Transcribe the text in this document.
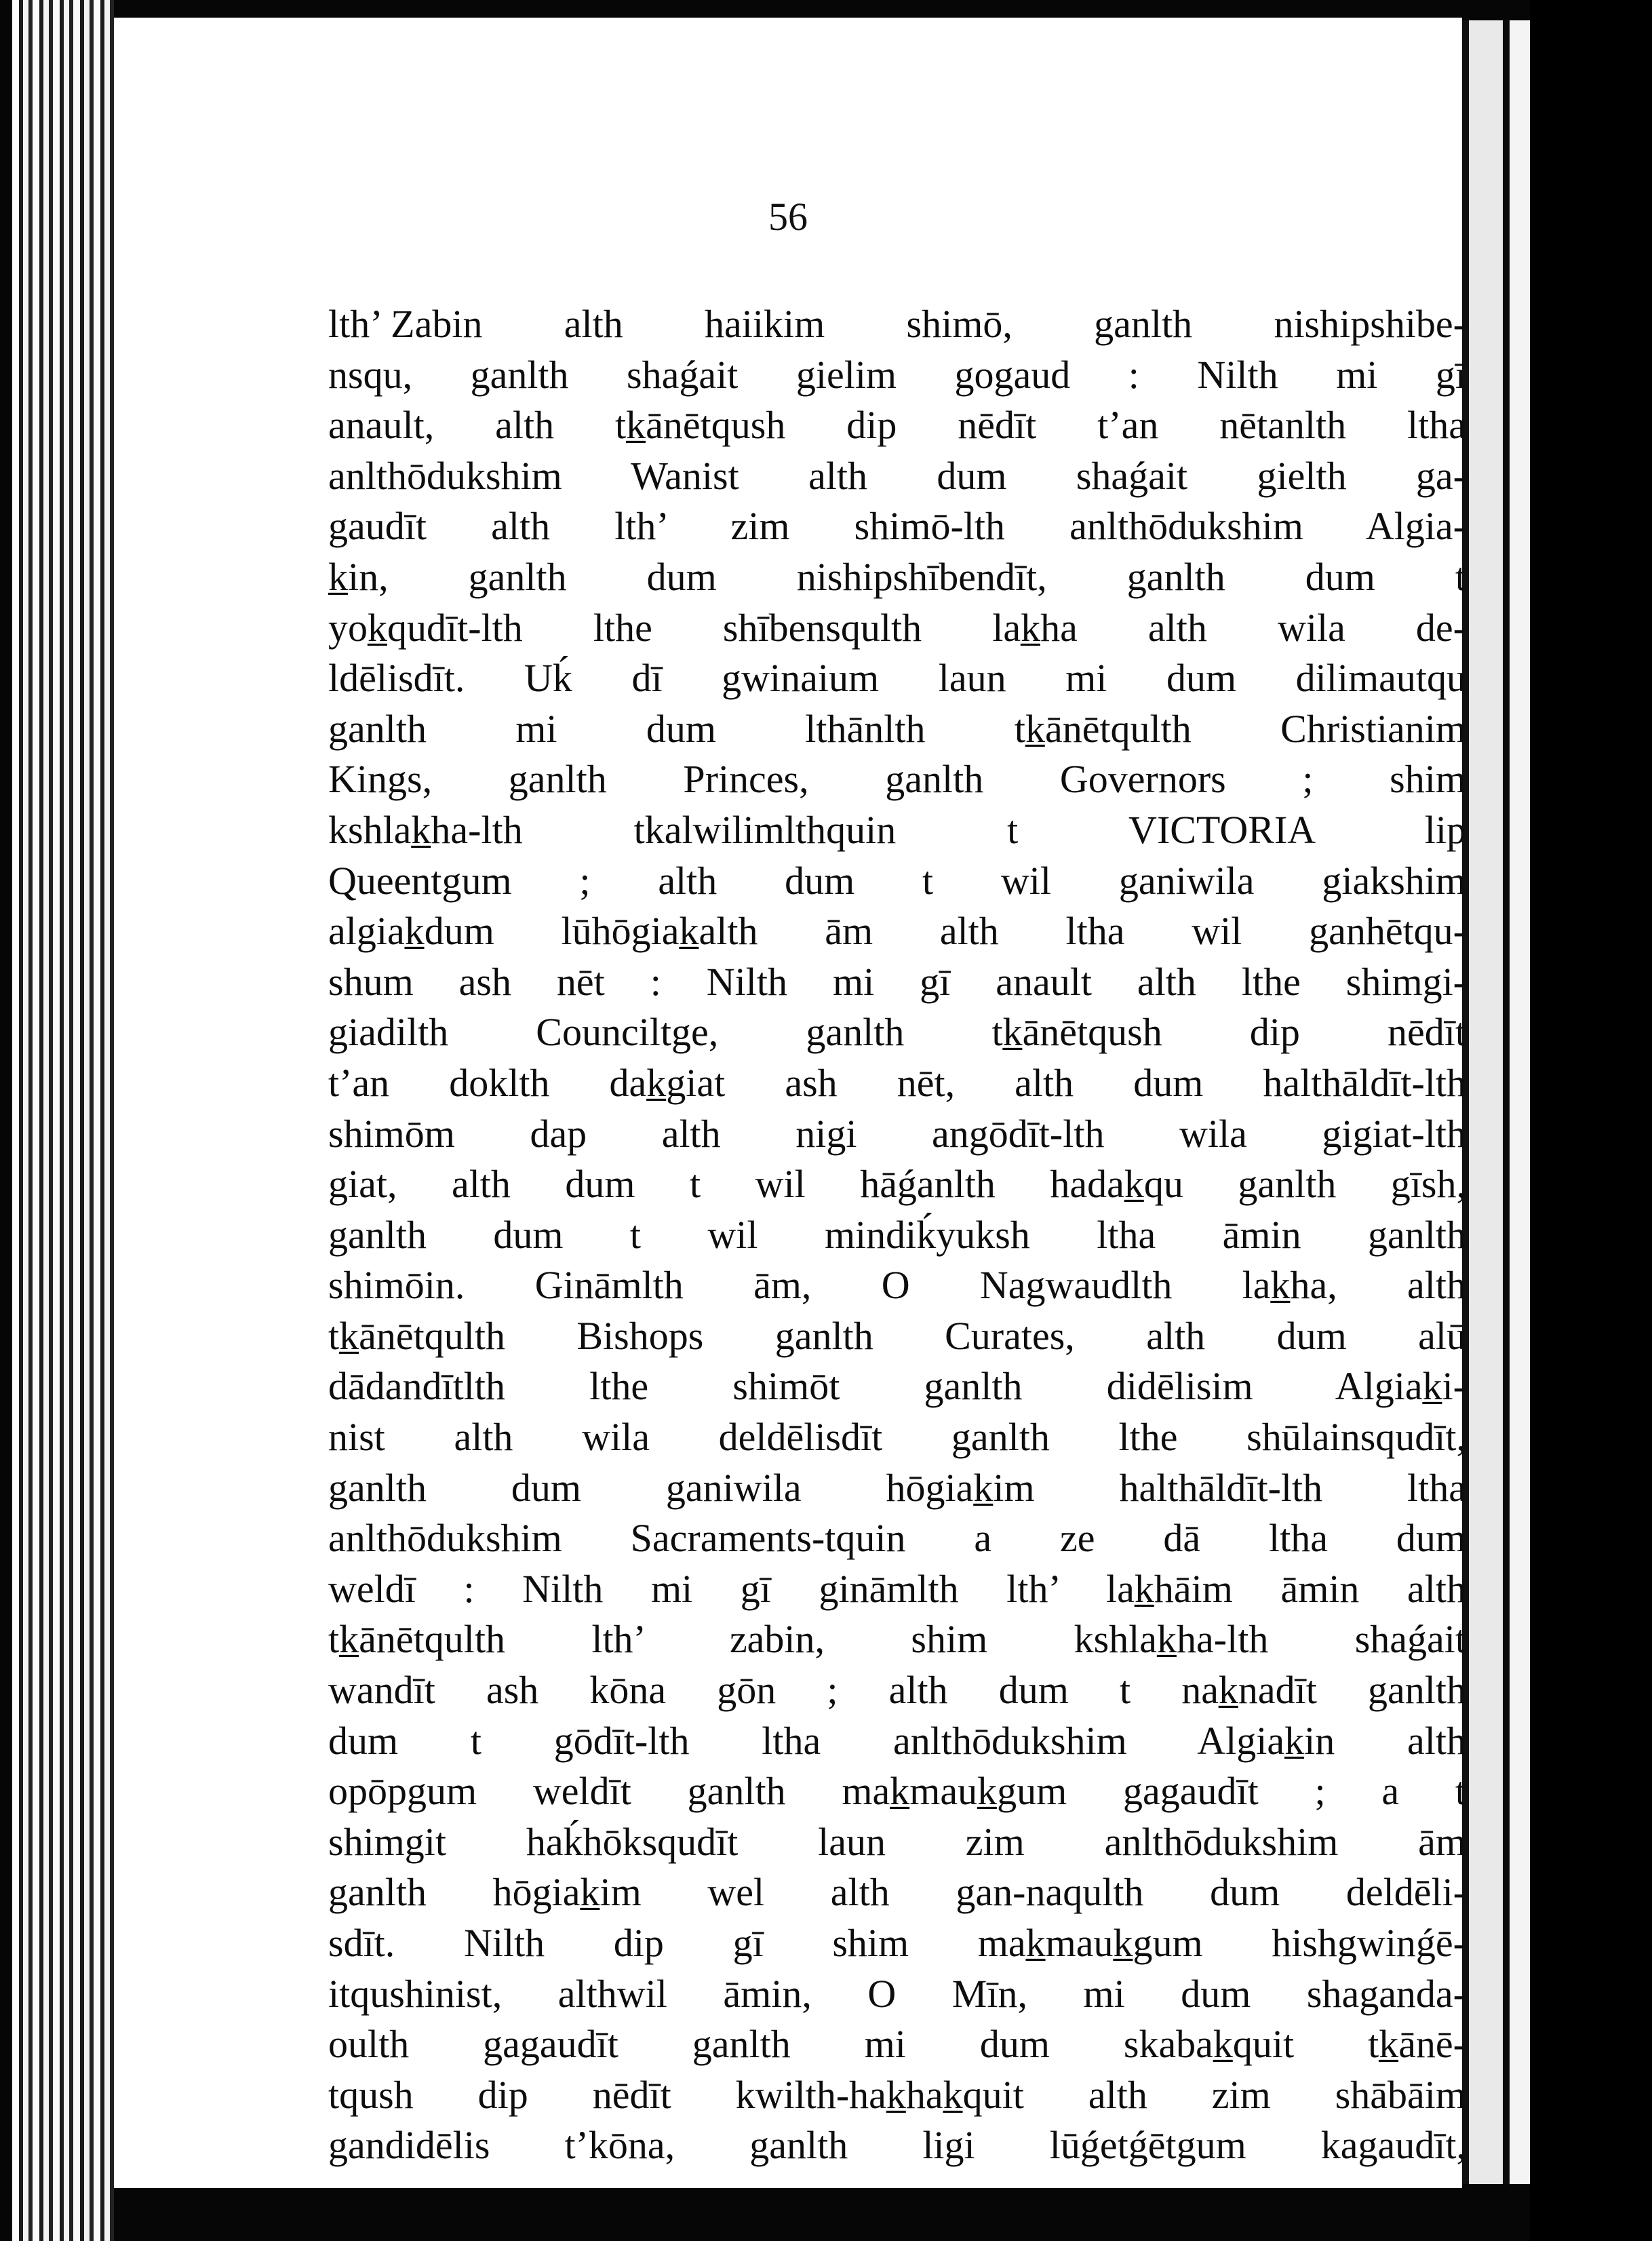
56

lth’ Zabin alth haiikim shimō, ganlth nishipshibe-
nsqu, ganlth shaǵait gielim gogaud : Nilth mi gī
anault, alth tk̲ānētqush dip nēdīt t’an nētanlth ltha
anlthōdukshim Wanist alth dum shaǵait gielth ga-
gaudīt alth lth’ zim shimō-lth anlthōdukshim Algia-
k̲in, ganlth dum nishipshībendīt, ganlth dum t
yok̲qudīt-lth lthe shībensqulth lak̲ha alth wila de-
ldēlisdīt. Uḱ dī gwinaium laun mi dum dilimautqu
ganlth mi dum lthānlth tk̲ānētqulth Christianim
Kings, ganlth Princes, ganlth Governors ; shim
kshlak̲ha-lth tkalwilimlthquin t VICTORIA lip
Queentgum ; alth dum t wil ganiwila giakshim
algiak̲dum lūhōgiak̲alth ām alth ltha wil ganhētqu-
shum ash nēt : Nilth mi gī anault alth lthe shimgi-
giadilth Counciltge, ganlth tk̲ānētqush dip nēdīt
t’an doklth dak̲giat ash nēt, alth dum halthāldīt-lth
shimōm dap alth nigi angōdīt-lth wila gigiat-lth
giat, alth dum t wil hāǵanlth hadak̲qu ganlth gīsh,
ganlth dum t wil mindiḱyuksh ltha āmin ganlth
shimōin. Gināmlth ām, O Nagwaudlth lak̲ha, alth
tk̲ānētqulth Bishops ganlth Curates, alth dum alū
dādandītlth lthe shimōt ganlth didēlisim Algiak̲i-
nist alth wila deldēlisdīt ganlth lthe shūlainsqudīt,
ganlth dum ganiwila hōgiak̲im halthāldīt-lth ltha
anlthōdukshim Sacraments-tquin a ze dā ltha dum
weldī : Nilth mi gī gināmlth lth’ lak̲hāim āmin alth
tk̲ānētqulth lth’ zabin, shim kshlak̲ha-lth shaǵait
wandīt ash kōna gōn ; alth dum t nak̲nadīt ganlth
dum t gōdīt-lth ltha anlthōdukshim Algiak̲in alth
opōpgum weldīt ganlth mak̲mauk̲gum gagaudīt ; a t
shimgit haḱhōksqudīt laun zim anlthōdukshim ām
ganlth hōgiak̲im wel alth gan-naqulth dum deldēli-
sdīt. Nilth dip gī shim mak̲mauk̲gum hishgwinǵē-
itqushinist, althwil āmin, O Mīn, mi dum shaganda-
oulth gagaudīt ganlth mi dum skabak̲quit tk̲ānē-
tqush dip nēdīt kwilth-hak̲hak̲quit alth zim shābāim
gandidēlis t’kōna, ganlth ligi lūǵetǵētgum kagaudīt,
